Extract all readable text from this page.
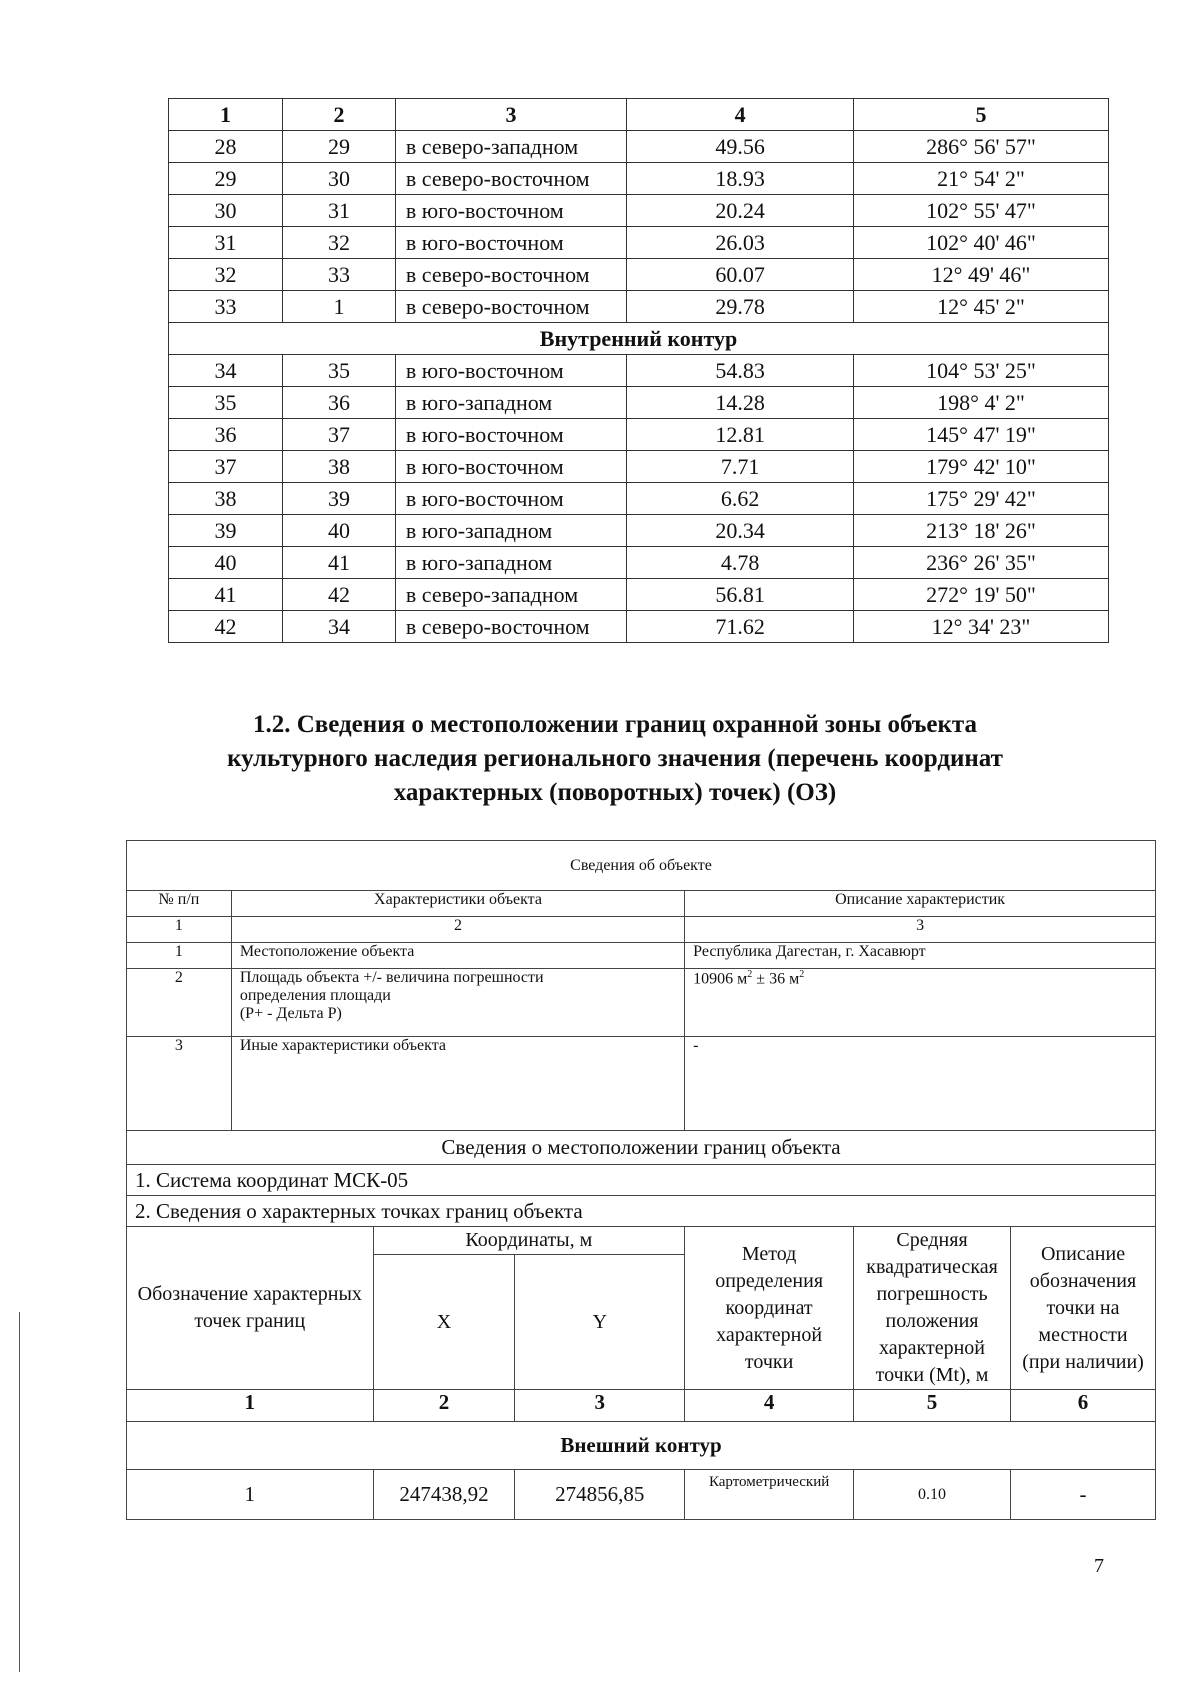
1	2	3	4	5
28	29	в северо-западном	49.56	286° 56' 57"
29	30	в северо-восточном	18.93	21° 54' 2"
30	31	в юго-восточном	20.24	102° 55' 47"
31	32	в юго-восточном	26.03	102° 40' 46"
32	33	в северо-восточном	60.07	12° 49' 46"
33	1	в северо-восточном	29.78	12° 45' 2"
Внутренний контур				
34	35	в юго-восточном	54.83	104° 53' 25"
35	36	в юго-западном	14.28	198° 4' 2"
36	37	в юго-восточном	12.81	145° 47' 19"
37	38	в юго-восточном	7.71	179° 42' 10"
38	39	в юго-восточном	6.62	175° 29' 42"
39	40	в юго-западном	20.34	213° 18' 26"
40	41	в юго-западном	4.78	236° 26' 35"
41	42	в северо-западном	56.81	272° 19' 50"
42	34	в северо-восточном	71.62	12° 34' 23"
1.2. Сведения о местоположении границ охранной зоны объекта
культурного наследия регионального значения (перечень координат
характерных (поворотных) точек) (ОЗ)
Сведения об объекте						
№ п/п	Характеристики объекта			Описание характеристик		
1	2			3		
1	Местоположение объекта			Республика Дагестан, г. Хасавюрт		
2	Площадь объекта +/- величина погрешности
определения площади
(Р+ - Дельта Р)			10906 $м^2 \pm 36$ $м^2$
3	Иные характеристики объекта			-		
Сведения о местоположении границ объекта						
1. Система координат МСК-05						
2. Сведения о характерных точках границ объекта						
Обозначение характерных точек границ		Координаты, м		Метод определения координат характерной точки	Средняя квадратическая погрешность положения характерной точки (Mt), м	Описание обозначения точки на местности (при наличии)
		X	Y			
1		2	3	4	5	6
Внешний контур						
1		247438,92	274856,85	Картометрический	0.10	-
7
